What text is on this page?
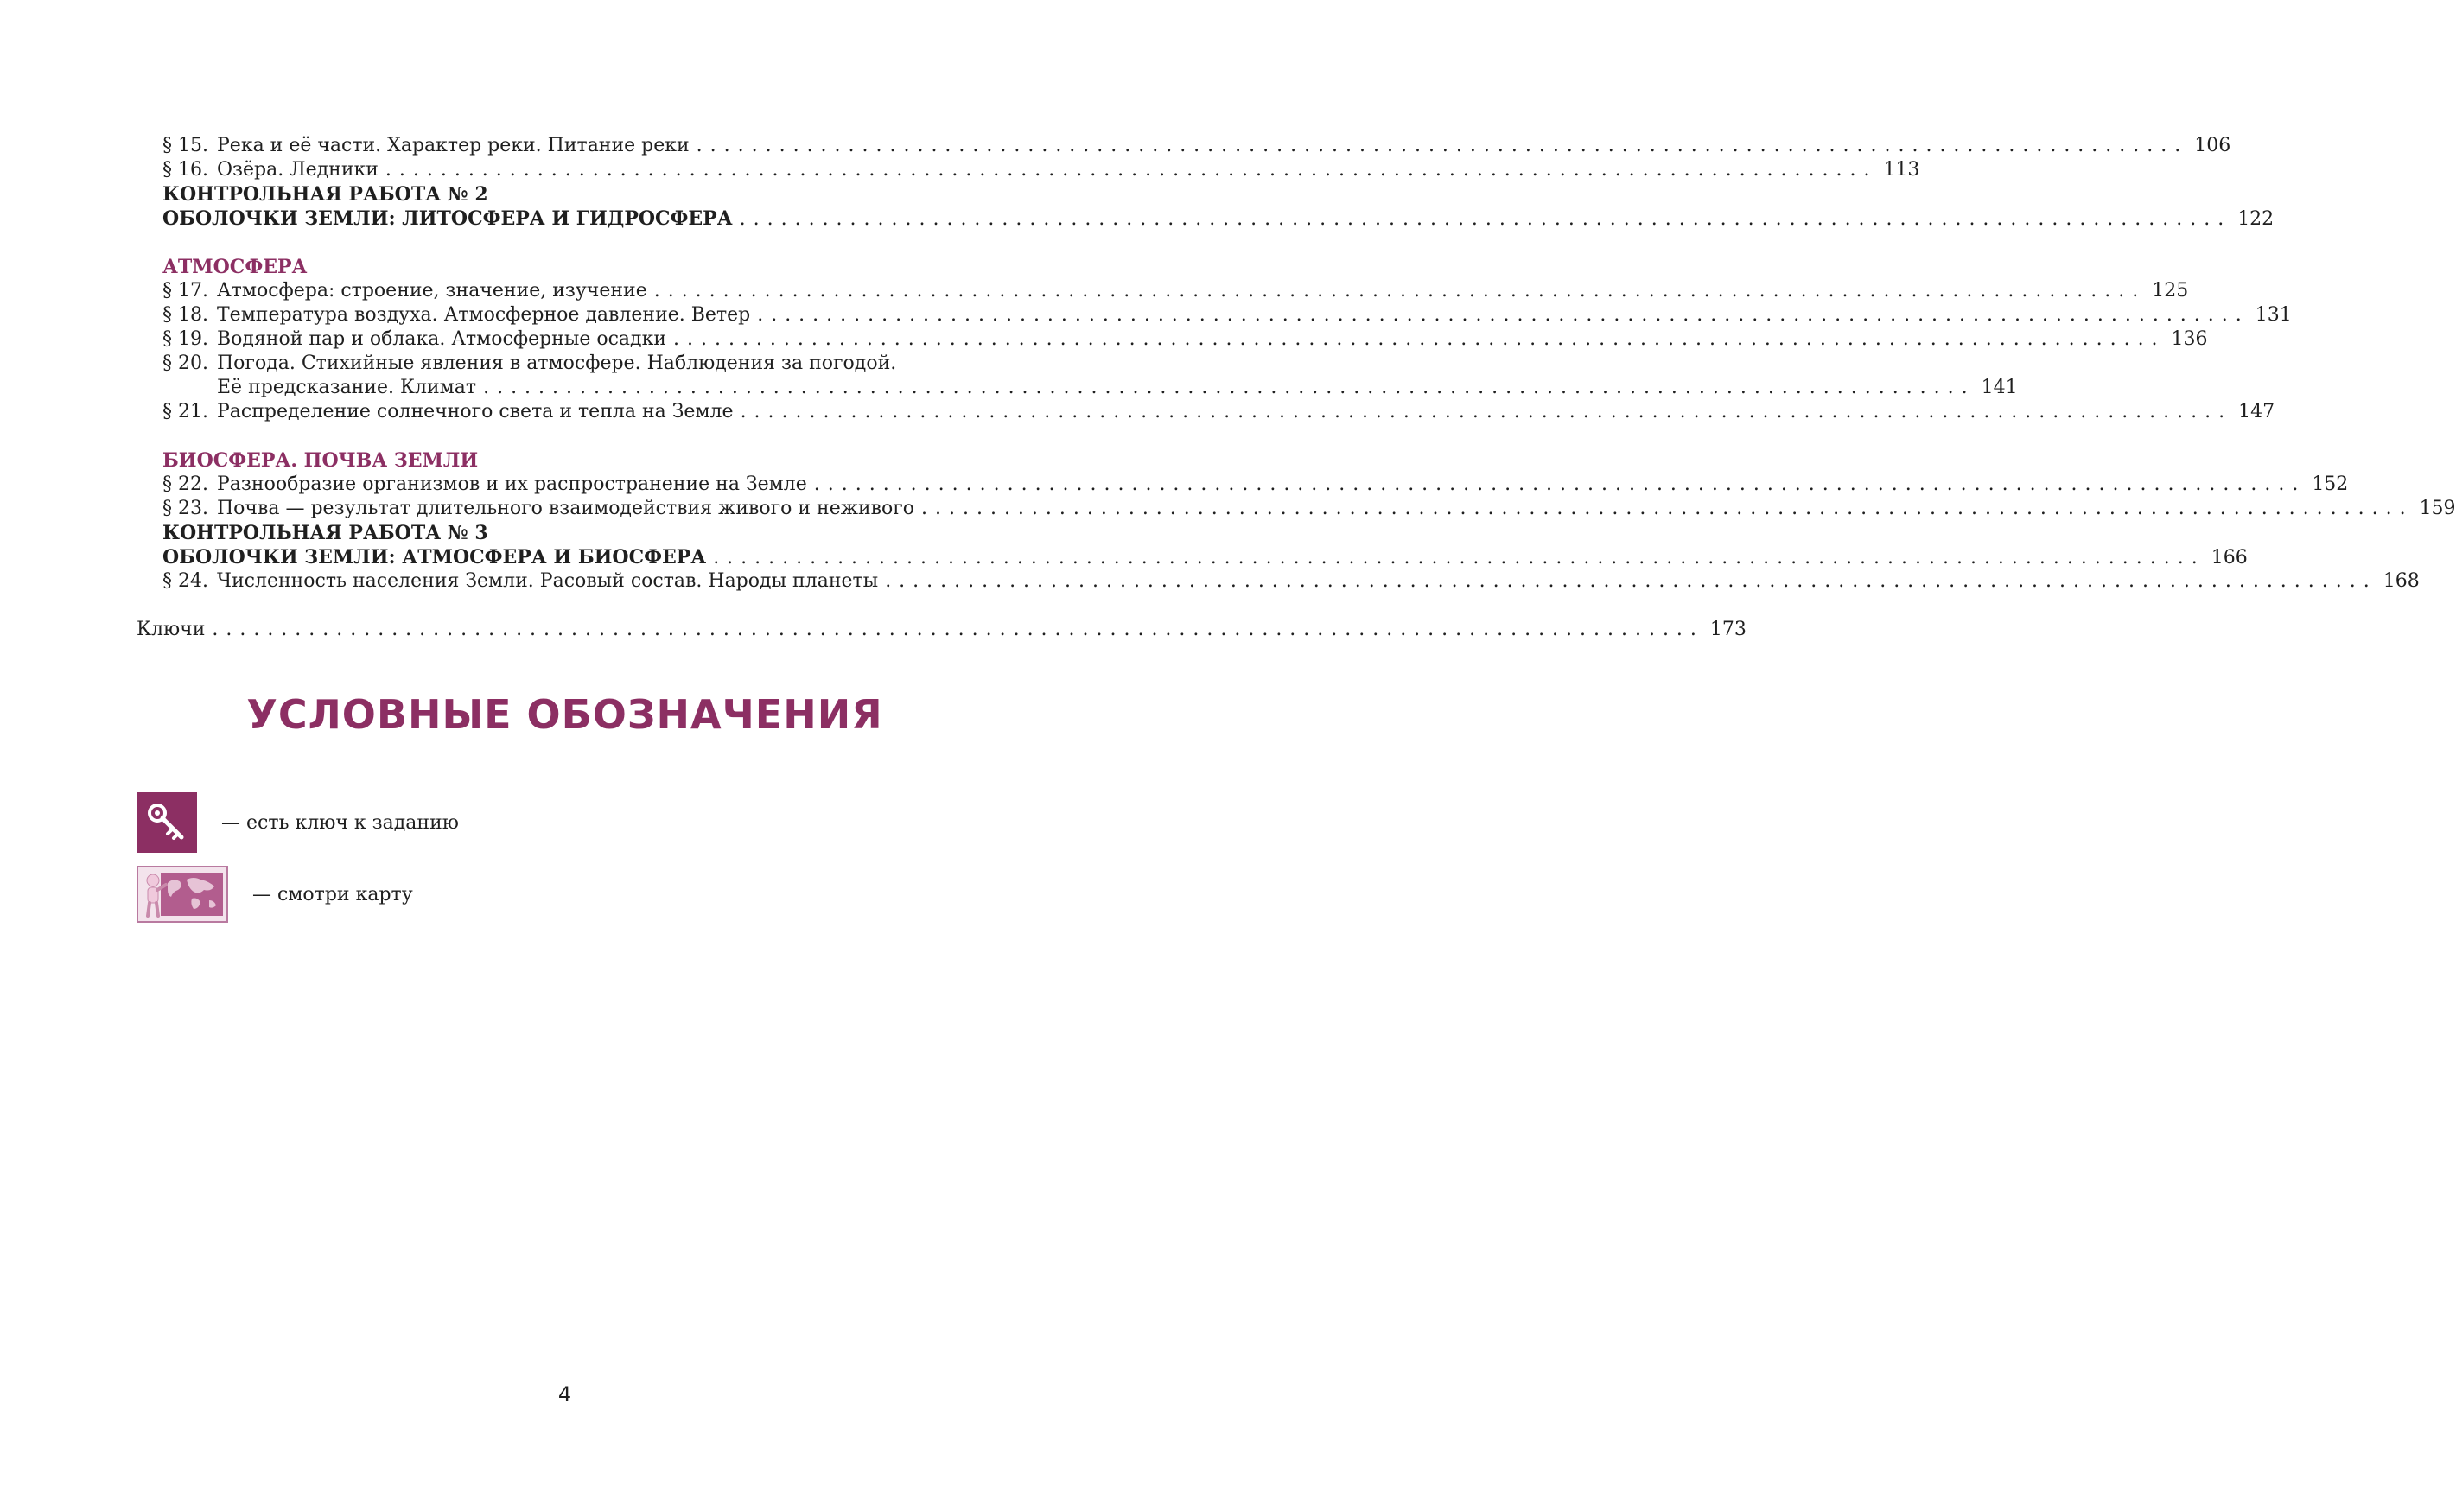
§ 15. Река и её части. Характер реки. Питание реки . . .	106
§ 16. Озёра. Ледники . . .	113
КОНТРОЛЬНАЯ РАБОТА № 2
ОБОЛОЧКИ ЗЕМЛИ: ЛИТОСФЕРА И ГИДРОСФЕРА . . .	122
АТМОСФЕРА
§ 17. Атмосфера: строение, значение, изучение . . .	125
§ 18. Температура воздуха. Атмосферное давление. Ветер . . .	131
§ 19. Водяной пар и облака. Атмосферные осадки . . .	136
§ 20. Погода. Стихийные явления в атмосфере. Наблюдения за погодой.
Её предсказание. Климат . . .	141
§ 21. Распределение солнечного света и тепла на Земле . . .	147
БИОСФЕРА. ПОЧВА ЗЕМЛИ
§ 22. Разнообразие организмов и их распространение на Земле . . .	152
§ 23. Почва — результат длительного взаимодействия живого и неживого . . .	159
КОНТРОЛЬНАЯ РАБОТА № 3
ОБОЛОЧКИ ЗЕМЛИ: АТМОСФЕРА И БИОСФЕРА . . .	166
§ 24. Численность населения Земли. Расовый состав. Народы планеты . . .	168
Ключи . . .	173
УСЛОВНЫЕ ОБОЗНАЧЕНИЯ
— есть ключ к заданию
— смотри карту
4
